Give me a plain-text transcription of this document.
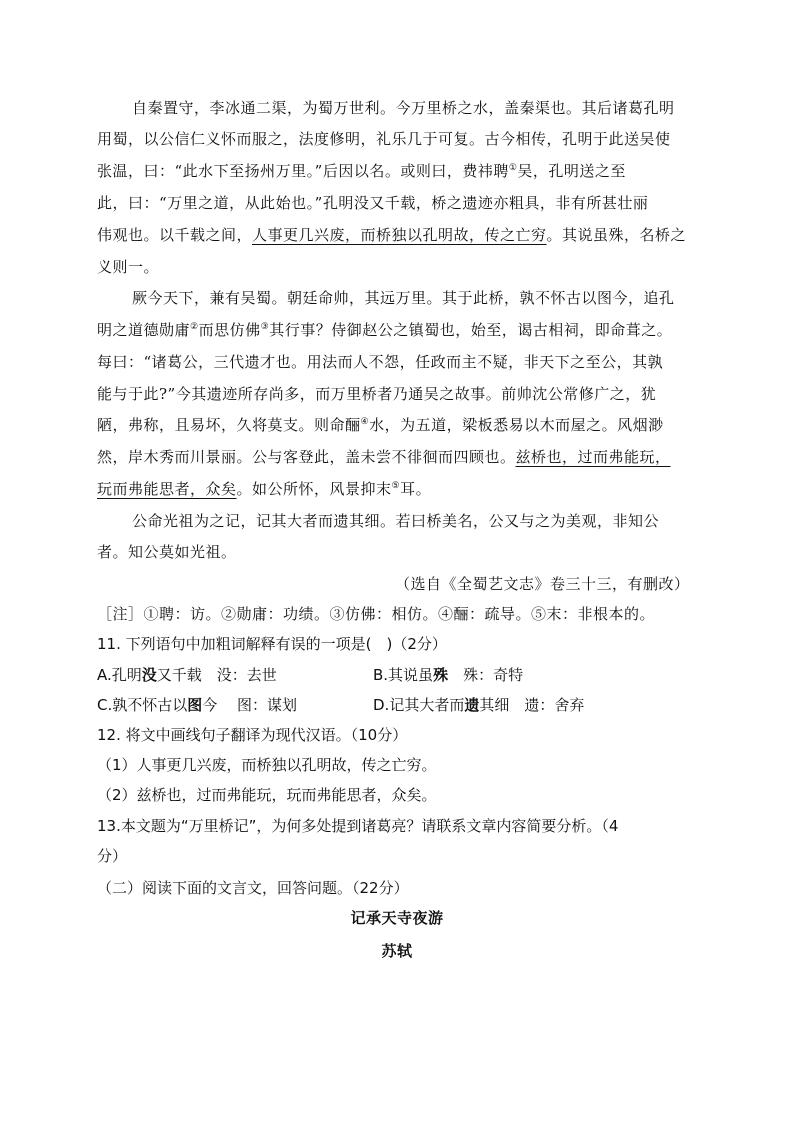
自秦置守，李冰通二渠，为蜀万世利。今万里桥之水，盖秦渠也。其后诸葛孔明
用蜀，以公信仁义怀而服之，法度修明，礼乐几于可复。古今相传，孔明于此送吴使
张温，曰：“此水下至扬州万里。”后因以名。或则曰，费祎聘①吴，孔明送之至
此，曰：“万里之道，从此始也。”孔明没又千载，桥之遗迹亦粗具，非有所甚壮丽
伟观也。以千载之间，人事更几兴废，而桥独以孔明故，传之亡穷。其说虽殊，名桥之
义则一。
厥今天下，兼有吴蜀。朝廷命帅，其远万里。其于此桥，孰不怀古以图今，追孔
明之道德勋庸②而思仿佛③其行事？侍御赵公之镇蜀也，始至，谒古相祠，即命葺之。
每曰：“诸葛公，三代遗才也。用法而人不怨，任政而主不疑，非天下之至公，其孰
能与于此?”今其遗迹所存尚多，而万里桥者乃通吴之故事。前帅沈公常修广之，犹
陋，弗称，且易坏，久将莫支。则命酾④水，为五道，梁板悉易以木而屋之。风烟渺
然，岸木秀而川景丽。公与客登此，盖未尝不徘徊而四顾也。兹桥也，过而弗能玩，
玩而弗能思者，众矣。如公所怀，风景抑末⑤耳。
公命光祖为之记，记其大者而遗其细。若曰桥美名，公又与之为美观，非知公
者。知公莫如光祖。
（选自《全蜀艺文志》卷三十三，有删改）
［注］①聘：访。②勋庸：功绩。③仿佛：相仿。④酾：疏导。⑤末：非根本的。
11. 下列语句中加粗词解释有误的一项是(　)（2分）
A.孔明没又千载　没：去世	B.其说虽殊　殊：奇特
C.孰不怀古以图今　 图：谋划	D.记其大者而遗其细　遗：舍弃
12. 将文中画线句子翻译为现代汉语。（10分）
（1）人事更几兴废，而桥独以孔明故，传之亡穷。
（2）兹桥也，过而弗能玩，玩而弗能思者，众矣。
13.本文题为“万里桥记”，为何多处提到诸葛亮？请联系文章内容简要分析。（4
分）
（二）阅读下面的文言文，回答问题。（22分）
记承天寺夜游
苏轼
